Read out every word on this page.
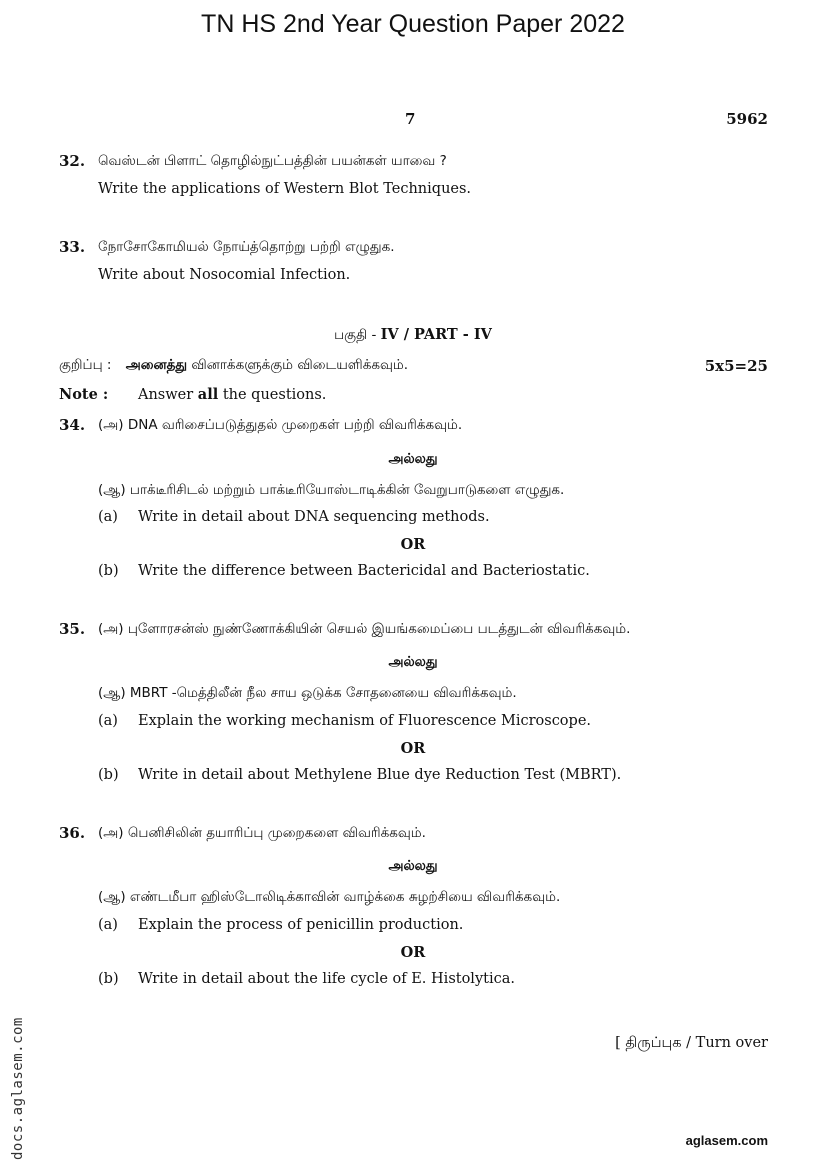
TN HS 2nd Year Question Paper 2022
7	5962
32. வெஸ்டன் பிளாட் தொழில்நுட்பத்தின் பயன்கள் யாவை ?
Write the applications of Western Blot Techniques.
33. நோசோகோமியல் நோய்த்தொற்று பற்றி எழுதுக.
Write about Nosocomial Infection.
பகுதி - IV / PART - IV
குறிப்பு : அனைத்து வினாக்களுக்கும் விடையளிக்கவும்.	5x5=25
Note : Answer all the questions.
34. (அ) DNA வரிசைப்படுத்துதல் முறைகள் பற்றி விவரிக்கவும்.
அல்லது
(ஆ) பாக்டீரிசிடல் மற்றும் பாக்டீரியோஸ்டாடிக்கின் வேறுபாடுகளை எழுதுக.
(a) Write in detail about DNA sequencing methods.
OR
(b) Write the difference between Bactericidal and Bacteriostatic.
35. (அ) புளோரசன்ஸ் நுண்ணோக்கியின் செயல் இயங்கமைப்பை படத்துடன் விவரிக்கவும்.
அல்லது
(ஆ) MBRT -மெத்திலீன் நீல சாய ஒடுக்க சோதனையை விவரிக்கவும்.
(a) Explain the working mechanism of Fluorescence Microscope.
OR
(b) Write in detail about Methylene Blue dye Reduction Test (MBRT).
36. (அ) பெனிசிலின் தயாரிப்பு முறைகளை விவரிக்கவும்.
அல்லது
(ஆ) எண்டமீபா ஹிஸ்டோலிடிக்காவின் வாழ்க்கை சுழற்சியை விவரிக்கவும்.
(a) Explain the process of penicillin production.
OR
(b) Write in detail about the life cycle of E. Histolytica.
[ திருப்புக / Turn over
docs.aglasem.com	aglasem.com
